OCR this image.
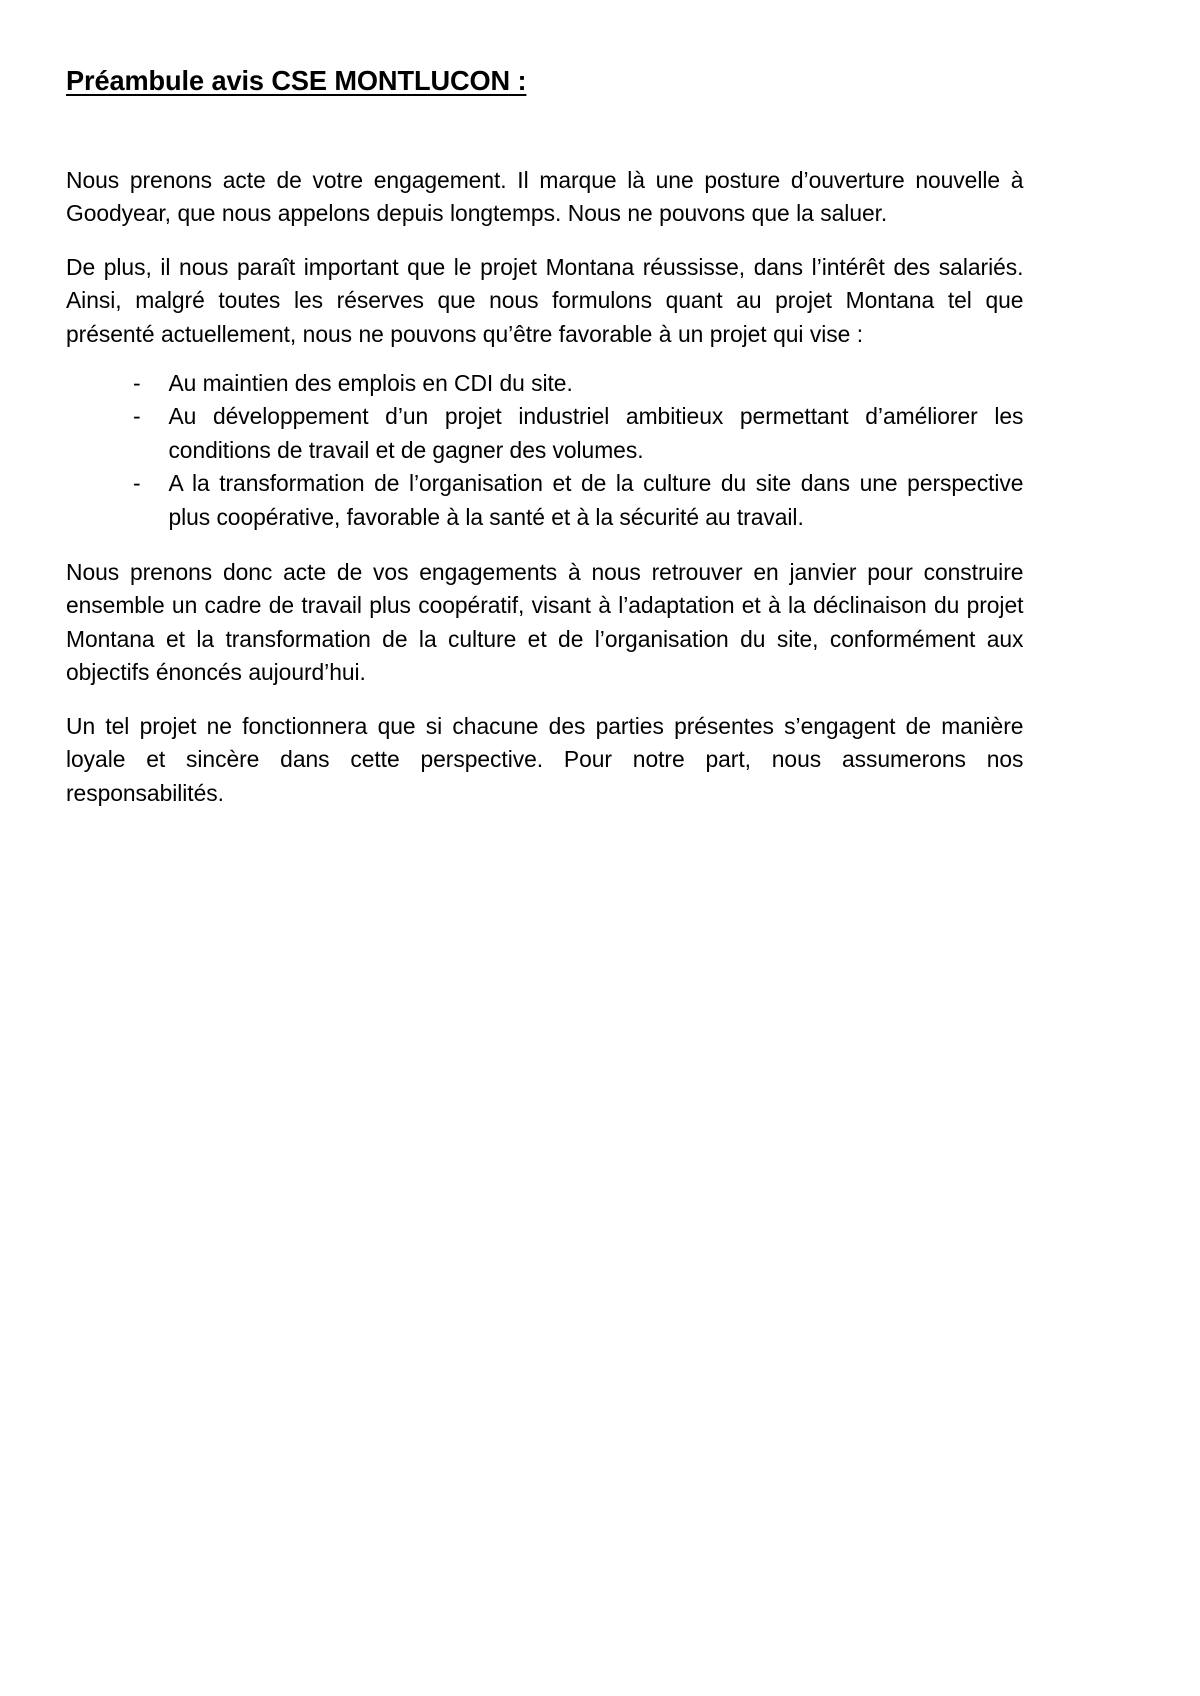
Préambule avis CSE MONTLUCON :

Nous prenons acte de votre engagement. Il marque là une posture d’ouverture nouvelle à Goodyear, que nous appelons depuis longtemps. Nous ne pouvons que la saluer.

De plus, il nous paraît important que le projet Montana réussisse, dans l’intérêt des salariés. Ainsi, malgré toutes les réserves que nous formulons quant au projet Montana tel que présenté actuellement, nous ne pouvons qu’être favorable à un projet qui vise :

- Au maintien des emplois en CDI du site.
- Au développement d’un projet industriel ambitieux permettant d’améliorer les conditions de travail et de gagner des volumes.
- A la transformation de l’organisation et de la culture du site dans une perspective plus coopérative, favorable à la santé et à la sécurité au travail.

Nous prenons donc acte de vos engagements à nous retrouver en janvier pour construire ensemble un cadre de travail plus coopératif, visant à l’adaptation et à la déclinaison du projet Montana et la transformation de la culture et de l’organisation du site, conformément aux objectifs énoncés aujourd’hui.

Un tel projet ne fonctionnera que si chacune des parties présentes s’engagent de manière loyale et sincère dans cette perspective. Pour notre part, nous assumerons nos responsabilités.
